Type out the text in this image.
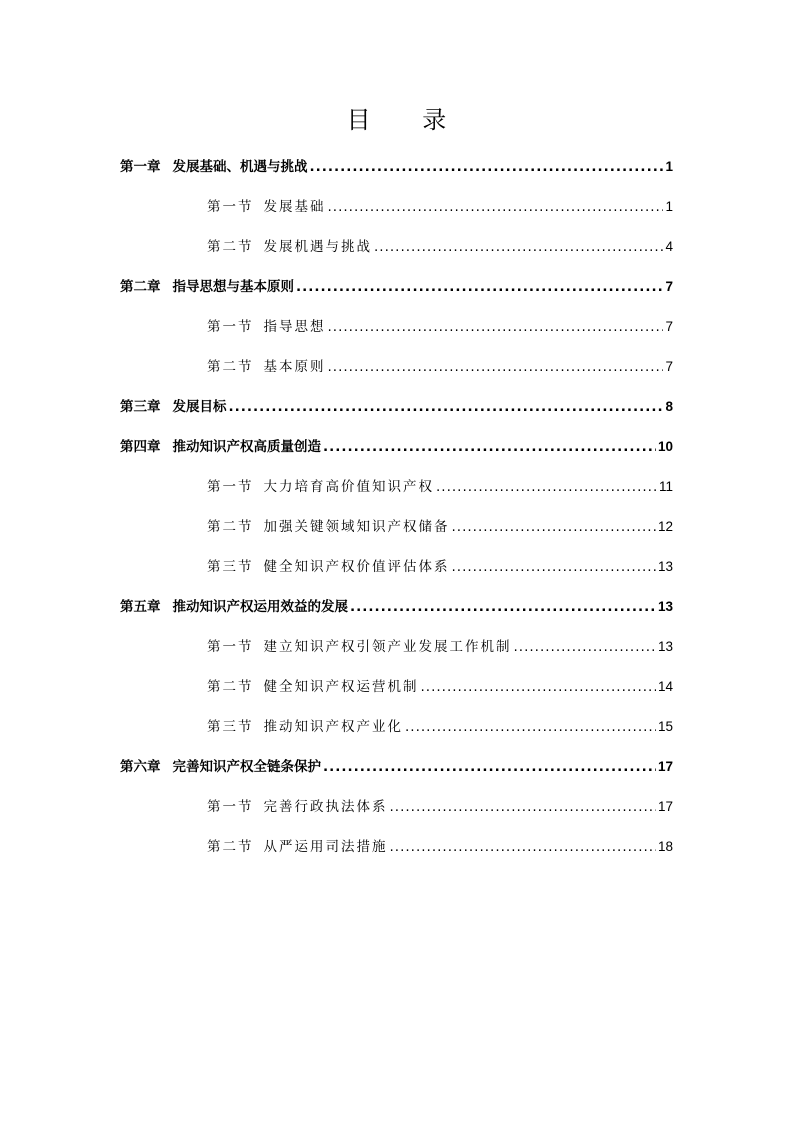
目 录
第一章 发展基础、机遇与挑战 .....	1
第一节 发展基础 .....	1
第二节 发展机遇与挑战 .....	4
第二章 指导思想与基本原则 .....	7
第一节 指导思想 .....	7
第二节 基本原则 .....	7
第三章 发展目标 .....	8
第四章 推动知识产权高质量创造 .....	10
第一节 大力培育高价值知识产权 .....	11
第二节 加强关键领域知识产权储备 .....	12
第三节 健全知识产权价值评估体系 .....	13
第五章 推动知识产权运用效益的发展 .....	13
第一节 建立知识产权引领产业发展工作机制 .....	13
第二节 健全知识产权运营机制 .....	14
第三节 推动知识产权产业化 .....	15
第六章 完善知识产权全链条保护 .....	17
第一节 完善行政执法体系 .....	17
第二节 从严运用司法措施 .....	18
